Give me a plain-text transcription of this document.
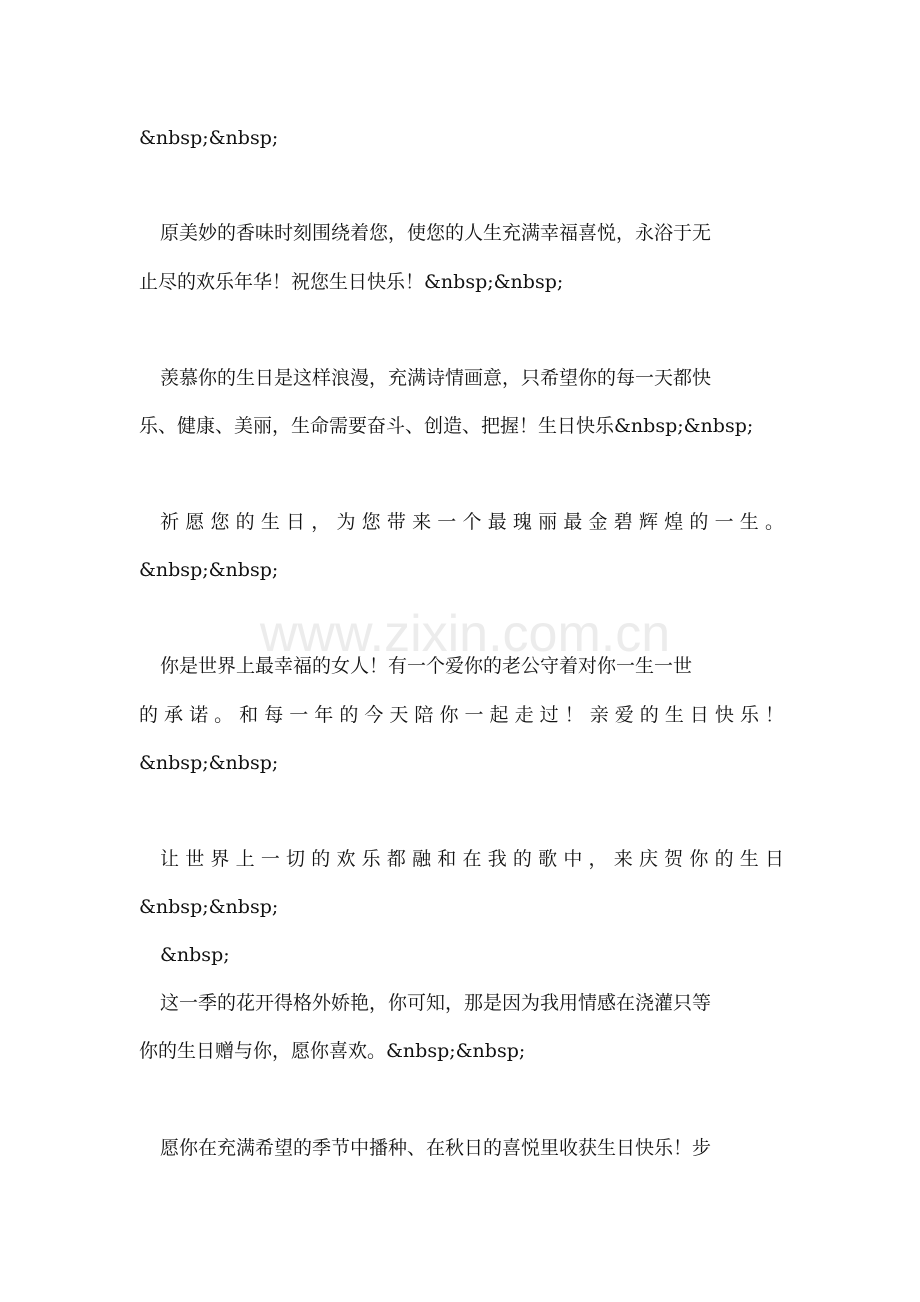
www.zixin.com.cn
&nbsp;&nbsp;
原美妙的香味时刻围绕着您，使您的人生充满幸福喜悦，永浴于无
止尽的欢乐年华！祝您生日快乐！&nbsp;&nbsp;
羡慕你的生日是这样浪漫，充满诗情画意，只希望你的每一天都快
乐、健康、美丽，生命需要奋斗、创造、把握！生日快乐&nbsp;&nbsp;
祈愿您的生日，为您带来一个最瑰丽最金碧辉煌的一生。
&nbsp;&nbsp;
你是世界上最幸福的女人！有一个爱你的老公守着对你一生一世
的承诺。和每一年的今天陪你一起走过！亲爱的生日快乐！
&nbsp;&nbsp;
让世界上一切的欢乐都融和在我的歌中，来庆贺你的生日
&nbsp;&nbsp;
&nbsp;
这一季的花开得格外娇艳，你可知，那是因为我用情感在浇灌只等
你的生日赠与你，愿你喜欢。&nbsp;&nbsp;
愿你在充满希望的季节中播种、在秋日的喜悦里收获生日快乐！步
